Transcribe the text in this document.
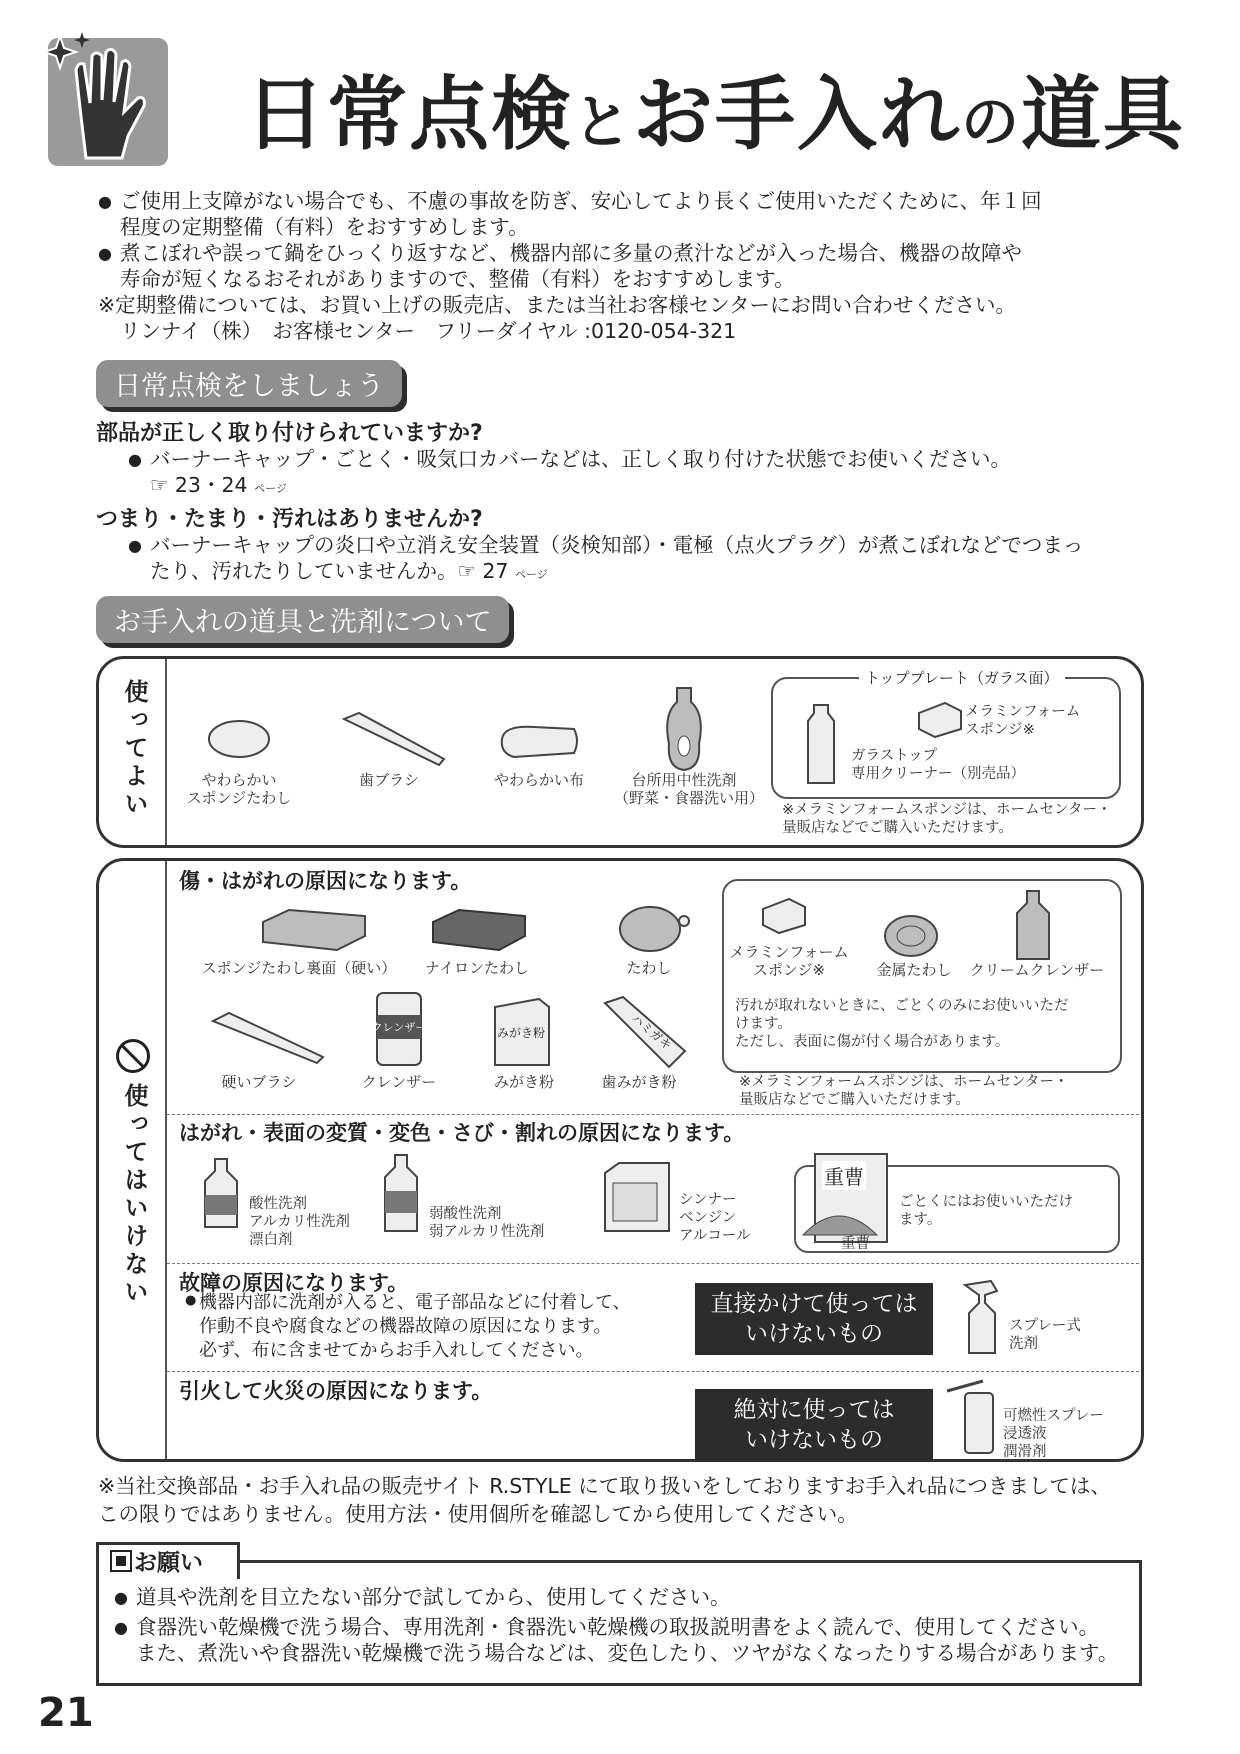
日常点検とお手入れの道具
● ご使用上支障がない場合でも、不慮の事故を防ぎ、安心してより長くご使用いただくために、年１回
程度の定期整備（有料）をおすすめします。
● 煮こぼれや誤って鍋をひっくり返すなど、機器内部に多量の煮汁などが入った場合、機器の故障や
寿命が短くなるおそれがありますので、整備（有料）をおすすめします。
※定期整備については、お買い上げの販売店、または当社お客様センターにお問い合わせください。
リンナイ（株）　お客様センター　フリーダイヤル :0120-054-321
日常点検をしましょう
部品が正しく取り付けられていますか?
● バーナーキャップ・ごとく・吸気口カバーなどは、正しく取り付けた状態でお使いください。
☞ 23・24 ページ
つまり・たまり・汚れはありませんか?
● バーナーキャップの炎口や立消え安全装置（炎検知部）・電極（点火プラグ）が煮こぼれなどでつまっ
たり、汚れたりしていませんか。☞ 27 ページ
お手入れの道具と洗剤について
使ってよい	やわらかい
スポンジたわし
歯ブラシ	やわらかい布	台所用中性洗剤
（野菜・食器洗い用）
トッププレート（ガラス面）
メラミンフォーム
スポンジ※
ガラストップ
専用クリーナー（別売品）
※メラミンフォームスポンジは、ホームセンター・
量販店などでご購入いただけます。
使ってはいけない
傷・はがれの原因になります。
スポンジたわし裏面（硬い）	ナイロンたわし	たわし
硬いブラシ
クレンザー
クレンザー
みがき粉
みがき粉
ハミガキ
歯みがき粉
メラミンフォーム
スポンジ※	金属たわし	クリームクレンザー
汚れが取れないときに、ごとくのみにお使いいただ
けます。
ただし、表面に傷が付く場合があります。
※メラミンフォームスポンジは、ホームセンター・
量販店などでご購入いただけます。
はがれ・表面の変質・変色・さび・割れの原因になります。
酸性洗剤
アルカリ性洗剤
漂白剤
弱酸性洗剤
弱アルカリ性洗剤
シンナー
ベンジン
アルコール
重曹
重曹
ごとくにはお使いいただけ
ます。
故障の原因になります。
機器内部に洗剤が入ると、電子部品などに付着して、
作動不良や腐食などの機器故障の原因になります。
必ず、布に含ませてからお手入れしてください。
●	直接かけて使っては
いけないもの	スプレー式
洗剤
引火して火災の原因になります。
絶対に使っては
いけないもの
可燃性スプレー
浸透液
潤滑剤
※当社交換部品・お手入れ品の販売サイト R.STYLE にて取り扱いをしておりますお手入れ品につきましては、
この限りではありません。使用方法・使用個所を確認してから使用してください。
お願い
● 道具や洗剤を目立たない部分で試してから、使用してください。
● 食器洗い乾燥機で洗う場合、専用洗剤・食器洗い乾燥機の取扱説明書をよく読んで、使用してください。
また、煮洗いや食器洗い乾燥機で洗う場合などは、変色したり、ツヤがなくなったりする場合があります。
21
